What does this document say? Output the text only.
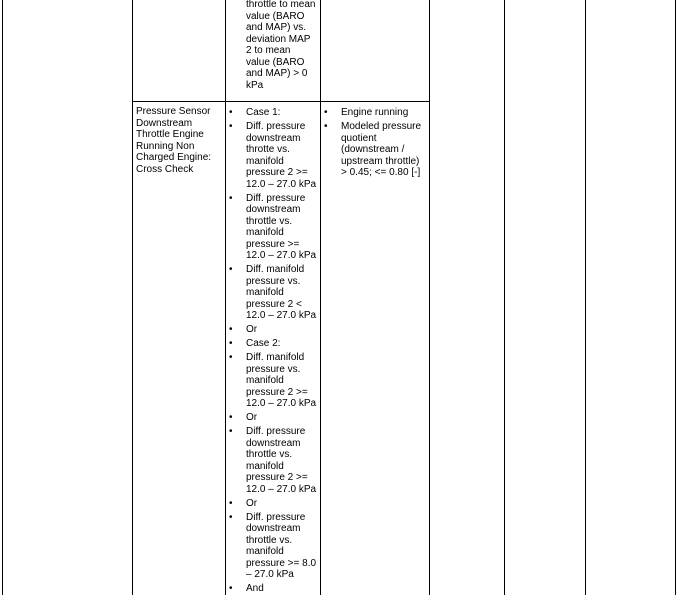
throttle to mean
value (BARO
and MAP) vs.
deviation MAP
2 to mean
value (BARO
and MAP) > 0
kPa

Pressure Sensor
Downstream
Throttle Engine
Running Non
Charged Engine:
Cross Check

• Case 1:
• Diff. pressure
downstream
throtte vs.
manifold
pressure 2 >=
12.0 – 27.0 kPa
• Diff. pressure
downstream
throttle vs.
manifold
pressure >=
12.0 – 27.0 kPa
• Diff. manifold
pressure vs.
manifold
pressure 2 <
12.0 – 27.0 kPa
• Or
• Case 2:
• Diff. manifold
pressure vs.
manifold
pressure 2 >=
12.0 – 27.0 kPa
• Or
• Diff. pressure
downstream
throttle vs.
manifold
pressure 2 >=
12.0 – 27.0 kPa
• Or
• Diff. pressure
downstream
throttle vs.
manifold
pressure >= 8.0
– 27.0 kPa
• And
• Engine running
• Modeled pressure
quotient
(downstream /
upstream throttle)
> 0.45; <= 0.80 [-]
